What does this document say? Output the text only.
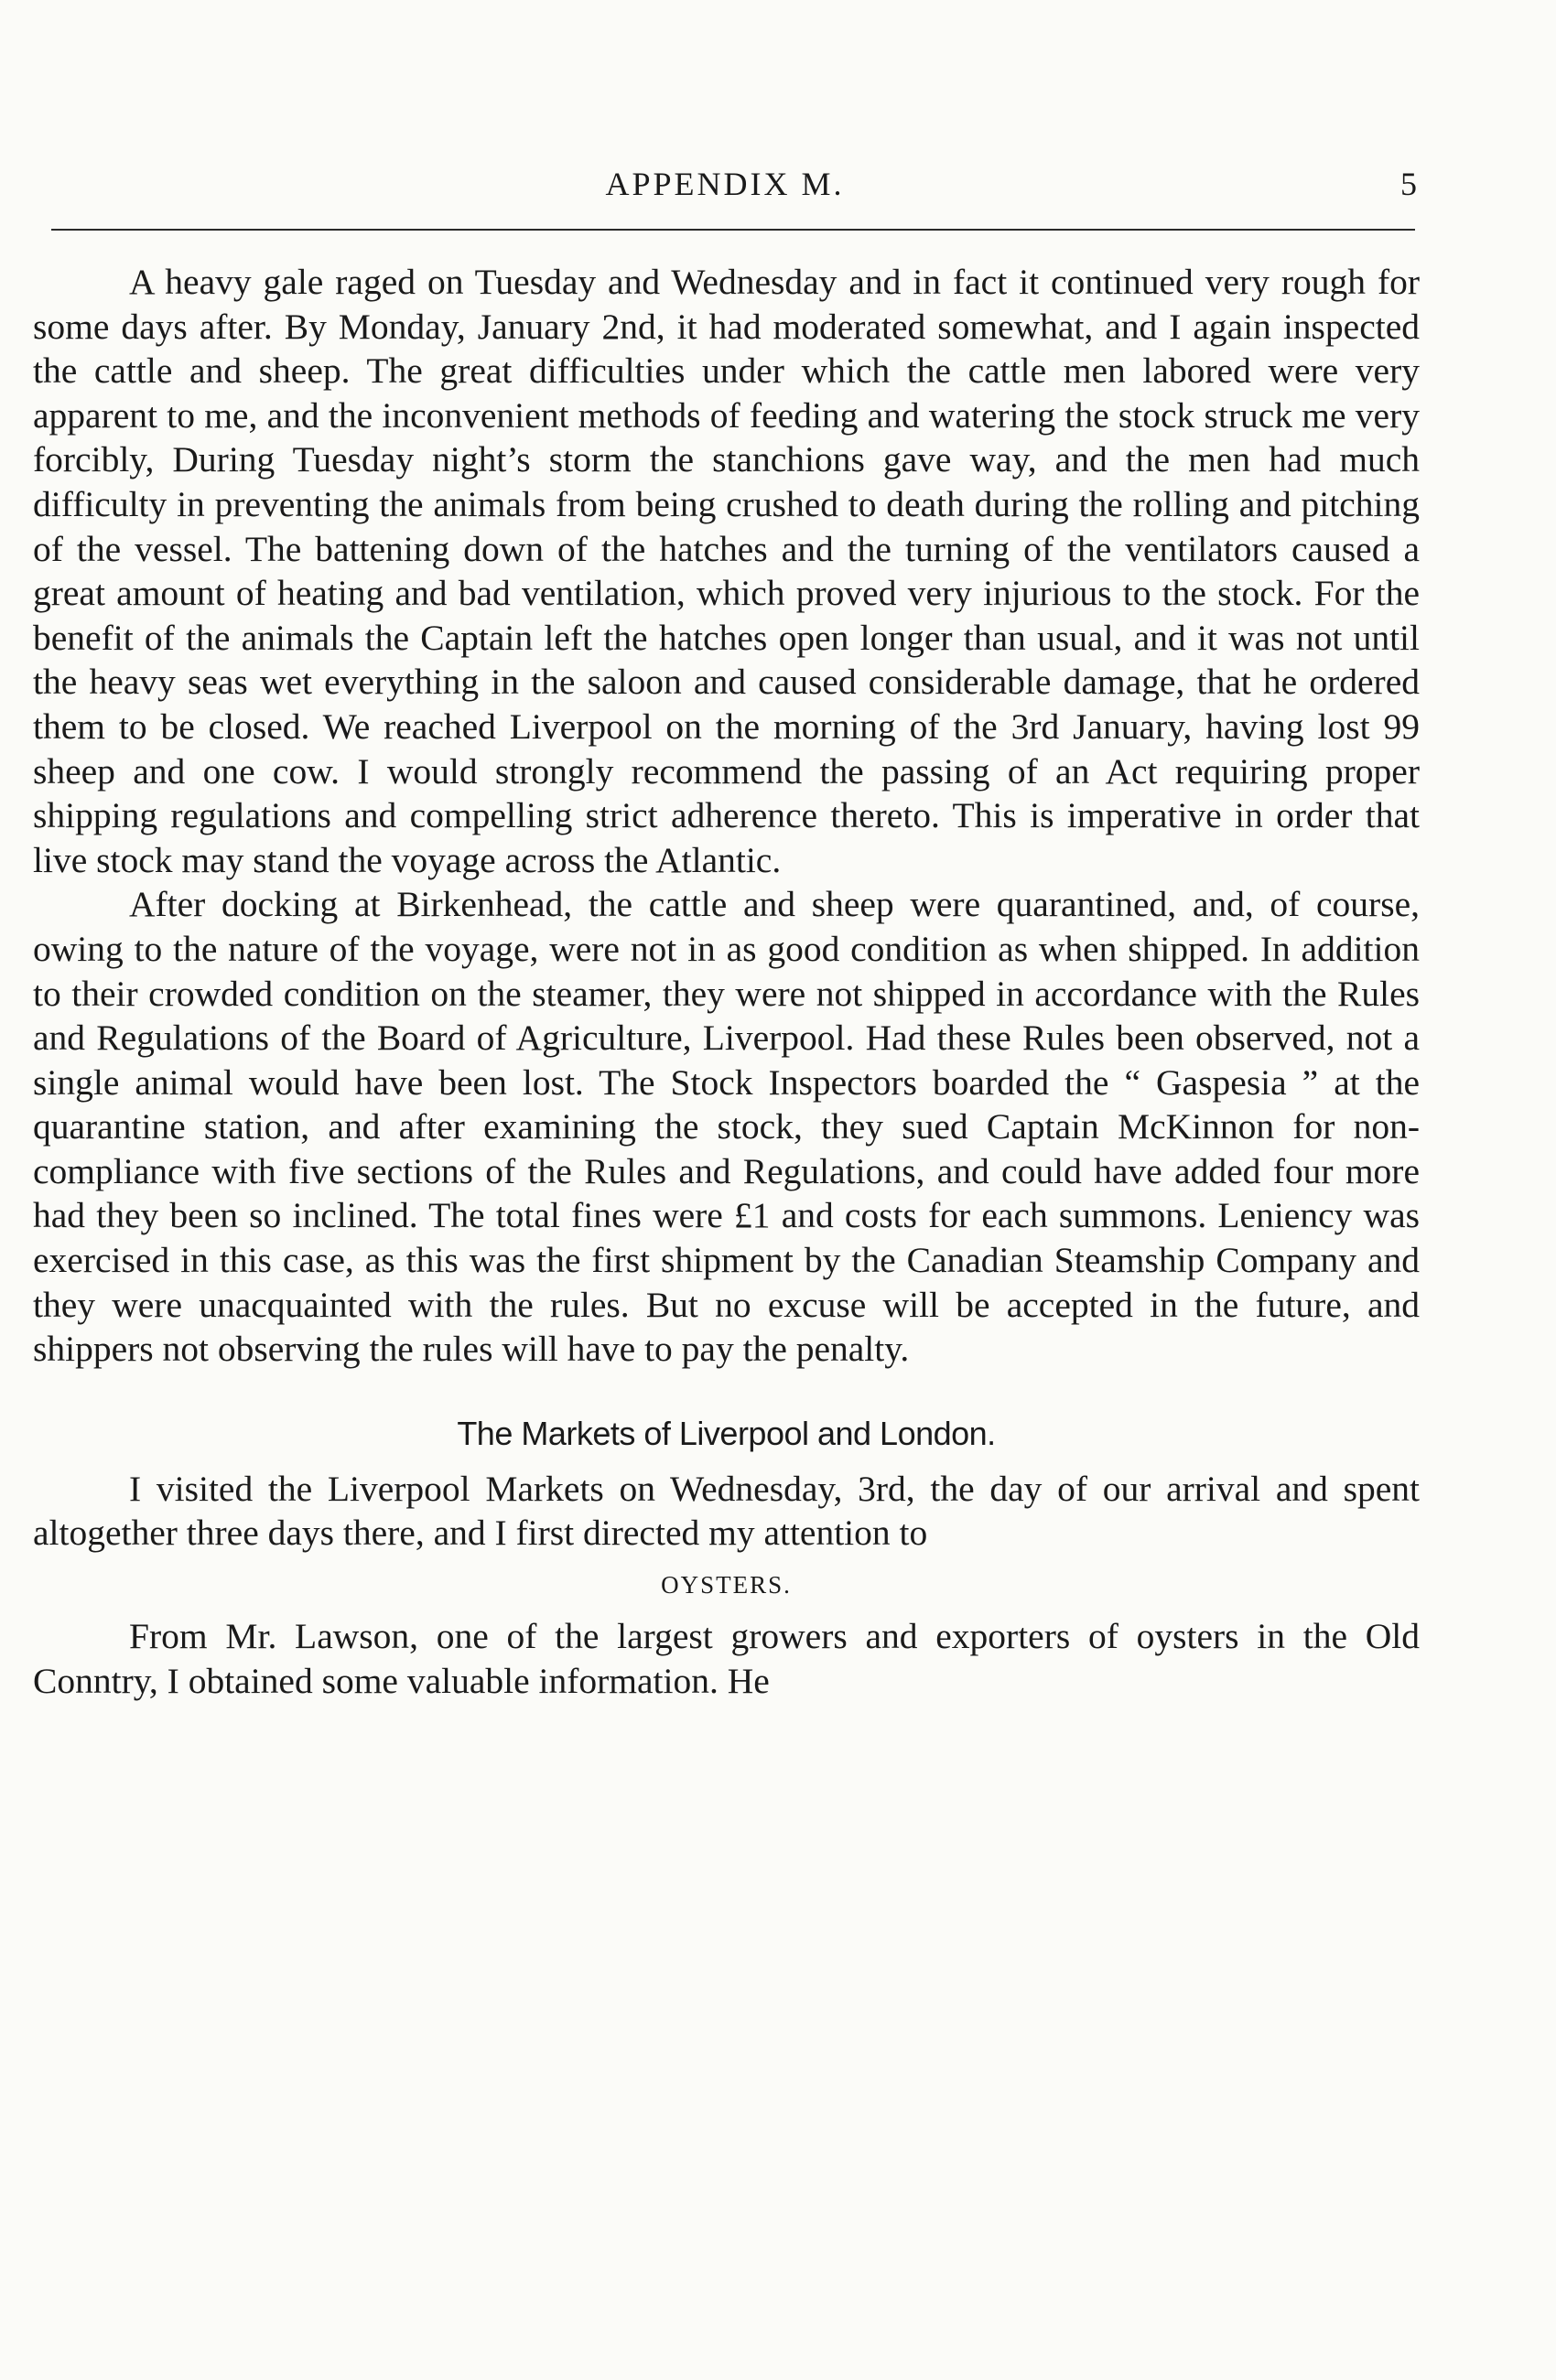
APPENDIX M.	5

A heavy gale raged on Tuesday and Wednesday and in fact it continued very rough for some days after. By Monday, January 2nd, it had moderated somewhat, and I again inspected the cattle and sheep. The great difficulties under which the cattle men labored were very apparent to me, and the inconvenient methods of feeding and watering the stock struck me very forcibly, During Tuesday night’s storm the stanchions gave way, and the men had much difficulty in preventing the animals from being crushed to death during the rolling and pitching of the vessel. The battening down of the hatches and the turning of the ventilators caused a great amount of heating and bad ventilation, which proved very injurious to the stock. For the benefit of the animals the Captain left the hatches open longer than usual, and it was not until the heavy seas wet everything in the saloon and caused considerable damage, that he ordered them to be closed. We reached Liverpool on the morning of the 3rd January, having lost 99 sheep and one cow. I would strongly recommend the passing of an Act requiring proper shipping regulations and compelling strict adherence thereto. This is imperative in order that live stock may stand the voyage across the Atlantic.

After docking at Birkenhead, the cattle and sheep were quarantined, and, of course, owing to the nature of the voyage, were not in as good condition as when shipped. In addition to their crowded condition on the steamer, they were not shipped in accordance with the Rules and Regulations of the Board of Agriculture, Liverpool. Had these Rules been observed, not a single animal would have been lost. The Stock Inspectors boarded the “ Gaspesia ” at the quarantine station, and after examining the stock, they sued Captain McKinnon for non-compliance with five sections of the Rules and Regulations, and could have added four more had they been so inclined. The total fines were £1 and costs for each summons. Leniency was exercised in this case, as this was the first shipment by the Canadian Steamship Company and they were unacquainted with the rules. But no excuse will be accepted in the future, and shippers not observing the rules will have to pay the penalty.

The Markets of Liverpool and London.

I visited the Liverpool Markets on Wednesday, 3rd, the day of our arrival and spent altogether three days there, and I first directed my attention to

OYSTERS.

From Mr. Lawson, one of the largest growers and exporters of oysters in the Old Conntry, I obtained some valuable information. He
